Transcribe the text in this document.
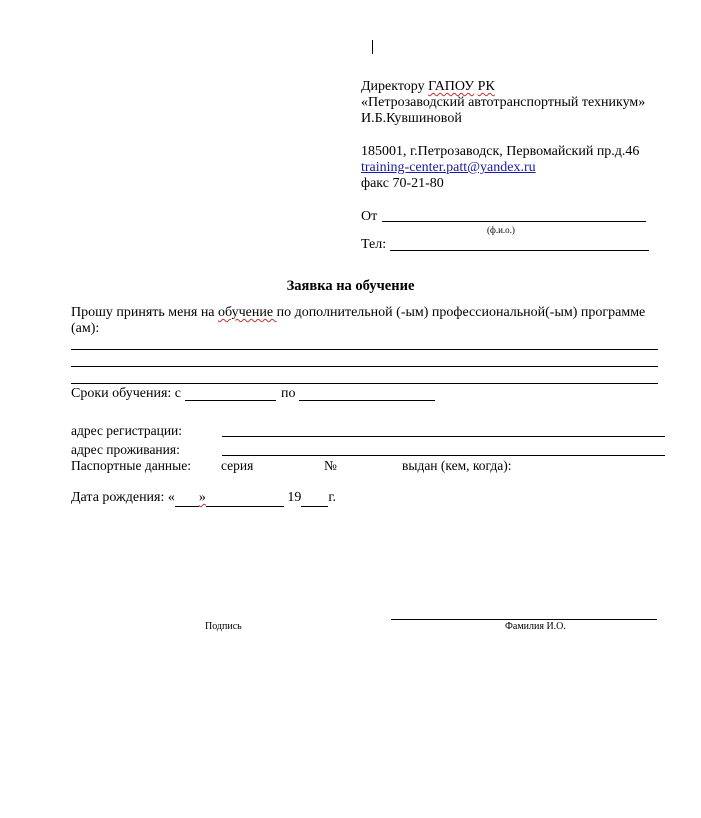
Директору ГАПОУ РК
«Петрозаводский автотранспортный техникум»
И.Б.Кувшиновой
185001, г.Петрозаводск, Первомайский пр.д.46
training-center.patt@yandex.ru
факс 70-21-80
От
(ф.и.о.)
Тел:
Заявка на обучение
Прошу принять меня на обучение по дополнительной (-ым) профессиональной(-ым) программе
(ам):
Сроки обучения: с	по
адрес регистрации:
адрес проживания:
Паспортные данные: серия	№	выдан (кем, когда):
Дата рождения: « »	19 г.
Подпись	Фамилия И.О.
